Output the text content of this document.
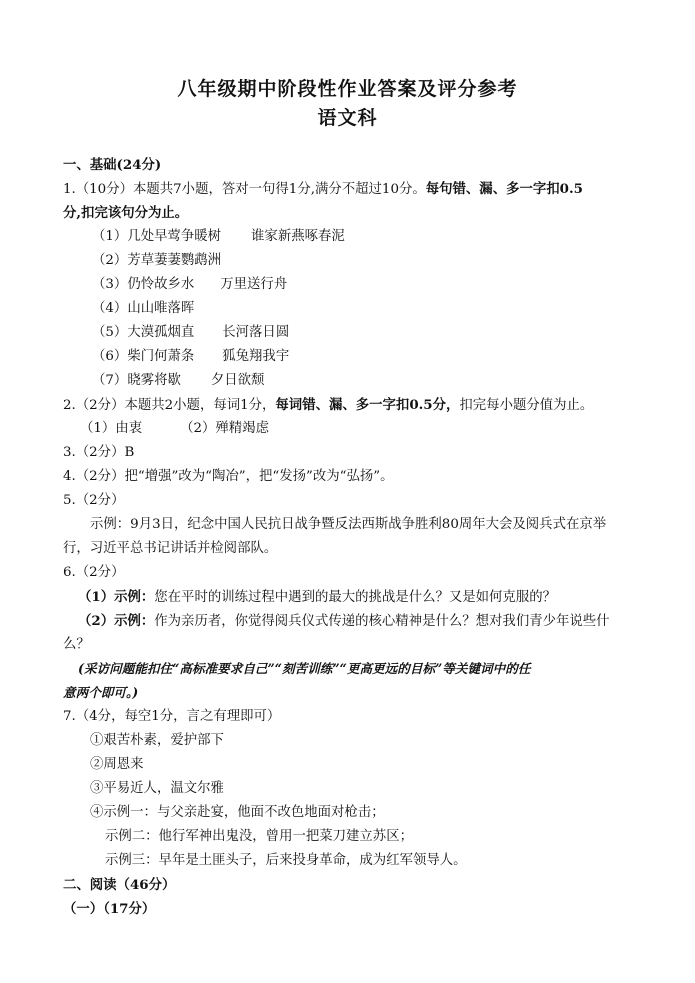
八年级期中阶段性作业答案及评分参考
语文科
一、基础(24分)
1.（10分）本题共7小题，答对一句得1分,满分不超过10分。每句错、漏、多一字扣0.5
分,扣完该句分为止。
（1）几处早莺争暖树 谁家新燕啄春泥
（2）芳草萋萋鹦鹉洲
（3）仍怜故乡水 万里送行舟
（4）山山唯落晖
（5）大漠孤烟直 长河落日圆
（6）柴门何萧条 狐兔翔我宇
（7）晓雾将歇 夕日欲颓
2.（2分）本题共2小题，每词1分，每词错、漏、多一字扣0.5分，扣完每小题分值为止。
（1）由衷	（2）殚精竭虑
3.（2分）B
4.（2分）把“增强”改为“陶冶”，把“发扬”改为“弘扬”。
5.（2分）
示例：9月3日，纪念中国人民抗日战争暨反法西斯战争胜利80周年大会及阅兵式在京举
行，习近平总书记讲话并检阅部队。
6.（2分）
（1）示例：您在平时的训练过程中遇到的最大的挑战是什么？又是如何克服的？
（2）示例：作为亲历者，你觉得阅兵仪式传递的核心精神是什么？想对我们青少年说些什
么？
(采访问题能扣住“高标准要求自己”“刻苦训练”“更高更远的目标”等关键词中的任
意两个即可。)
7.（4分，每空1分，言之有理即可）
①艰苦朴素，爱护部下
②周恩来
③平易近人，温文尔雅
④示例一：与父亲赴宴，他面不改色地面对枪击；
示例二：他行军神出鬼没，曾用一把菜刀建立苏区；
示例三：早年是土匪头子，后来投身革命，成为红军领导人。
二、阅读（46分）
（一）（17分）
